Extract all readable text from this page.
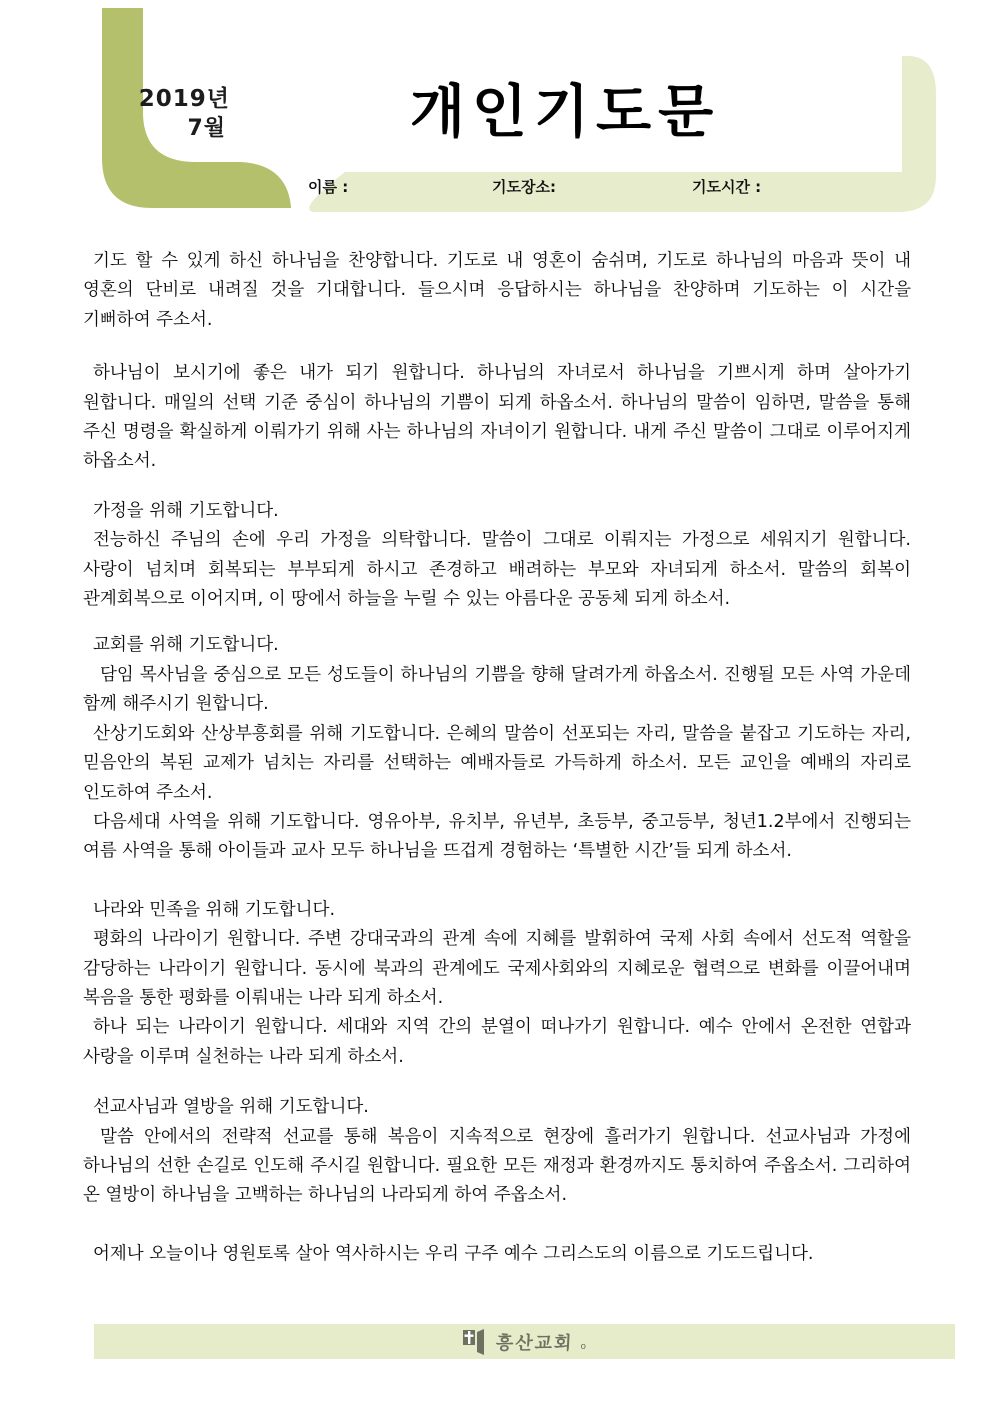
2019년
7월	개인기도문
이름 :	기도장소:	기도시간 :

기도 할 수 있게 하신 하나님을 찬양합니다. 기도로 내 영혼이 숨쉬며, 기도로 하나님의 마음과 뜻이 내 영혼의 단비로 내려질 것을 기대합니다. 들으시며 응답하시는 하나님을 찬양하며 기도하는 이 시간을 기뻐하여 주소서.

하나님이 보시기에 좋은 내가 되기 원합니다. 하나님의 자녀로서 하나님을 기쁘시게 하며 살아가기 원합니다. 매일의 선택 기준 중심이 하나님의 기쁨이 되게 하옵소서. 하나님의 말씀이 임하면, 말씀을 통해 주신 명령을 확실하게 이뤄가기 위해 사는 하나님의 자녀이기 원합니다. 내게 주신 말씀이 그대로 이루어지게 하옵소서.

가정을 위해 기도합니다.

전능하신 주님의 손에 우리 가정을 의탁합니다. 말씀이 그대로 이뤄지는 가정으로 세워지기 원합니다. 사랑이 넘치며 회복되는 부부되게 하시고 존경하고 배려하는 부모와 자녀되게 하소서. 말씀의 회복이 관계회복으로 이어지며, 이 땅에서 하늘을 누릴 수 있는 아름다운 공동체 되게 하소서.

교회를 위해 기도합니다.

담임 목사님을 중심으로 모든 성도들이 하나님의 기쁨을 향해 달려가게 하옵소서. 진행될 모든 사역 가운데 함께 해주시기 원합니다.

산상기도회와 산상부흥회를 위해 기도합니다. 은혜의 말씀이 선포되는 자리, 말씀을 붙잡고 기도하는 자리, 믿음안의 복된 교제가 넘치는 자리를 선택하는 예배자들로 가득하게 하소서. 모든 교인을 예배의 자리로 인도하여 주소서.

다음세대 사역을 위해 기도합니다. 영유아부, 유치부, 유년부, 초등부, 중고등부, 청년1.2부에서 진행되는 여름 사역을 통해 아이들과 교사 모두 하나님을 뜨겁게 경험하는 ‘특별한 시간’들 되게 하소서.

나라와 민족을 위해 기도합니다.

평화의 나라이기 원합니다. 주변 강대국과의 관계 속에 지혜를 발휘하여 국제 사회 속에서 선도적 역할을 감당하는 나라이기 원합니다. 동시에 북과의 관계에도 국제사회와의 지혜로운 협력으로 변화를 이끌어내며 복음을 통한 평화를 이뤄내는 나라 되게 하소서.

하나 되는 나라이기 원합니다. 세대와 지역 간의 분열이 떠나가기 원합니다. 예수 안에서 온전한 연합과 사랑을 이루며 실천하는 나라 되게 하소서.

선교사님과 열방을 위해 기도합니다.

말씀 안에서의 전략적 선교를 통해 복음이 지속적으로 현장에 흘러가기 원합니다. 선교사님과 가정에 하나님의 선한 손길로 인도해 주시길 원합니다. 필요한 모든 재정과 환경까지도 통치하여 주옵소서. 그리하여 온 열방이 하나님을 고백하는 하나님의 나라되게 하여 주옵소서.

어제나 오늘이나 영원토록 살아 역사하시는 우리 구주 예수 그리스도의 이름으로 기도드립니다.

흥산교회 o
